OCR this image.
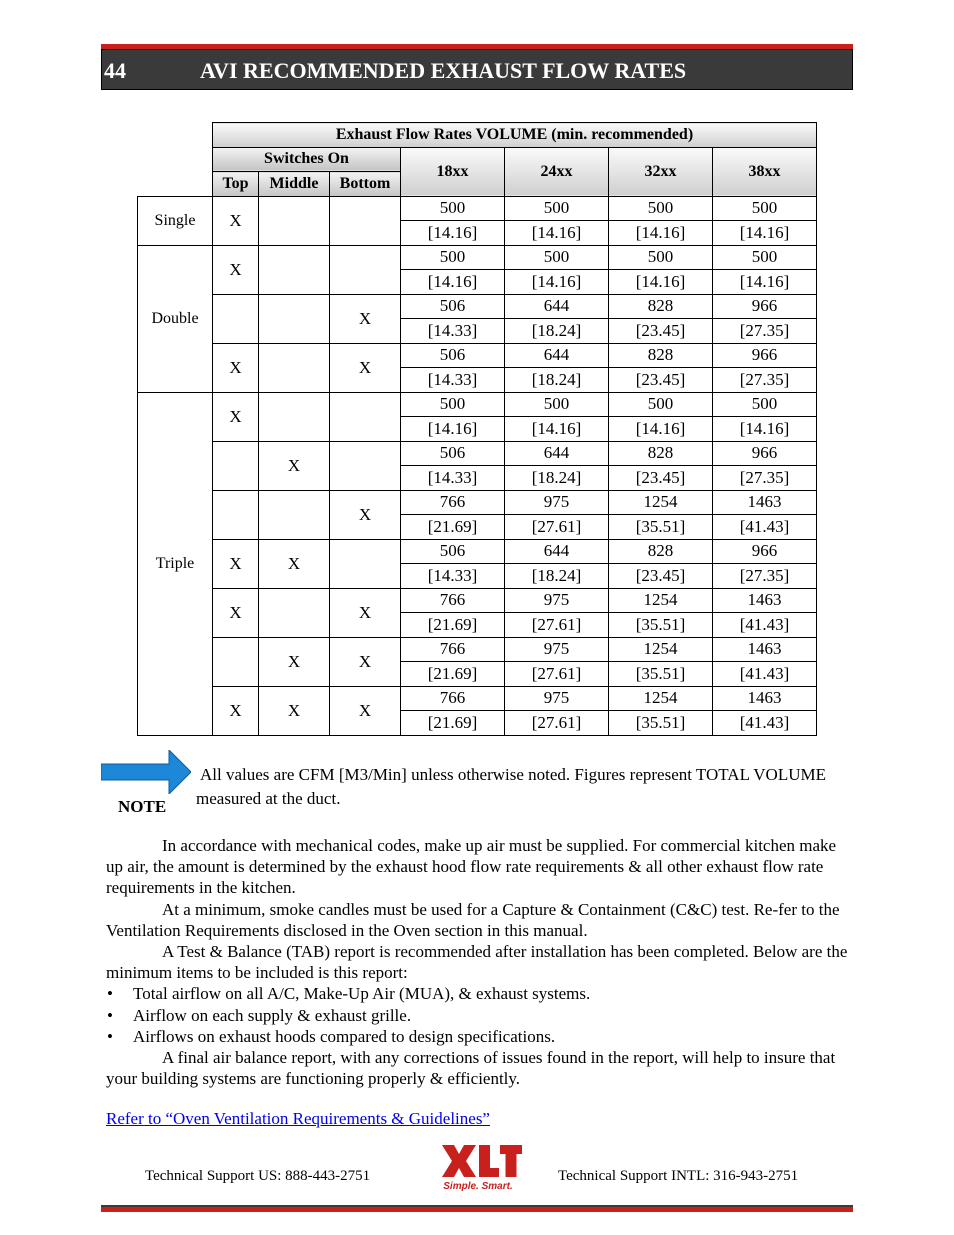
44	AVI RECOMMENDED EXHAUST FLOW RATES
	Exhaust Flow Rates VOLUME (min. recommended)						
	Switches On			18xx	24xx	32xx	38xx
	Top	Middle	Bottom				
Single	X			500	500	500	500
				[14.16]	[14.16]	[14.16]	[14.16]
Double	X			500	500	500	500
				[14.16]	[14.16]	[14.16]	[14.16]
			X	506	644	828	966
				[14.33]	[18.24]	[23.45]	[27.35]
	X		X	506	644	828	966
				[14.33]	[18.24]	[23.45]	[27.35]
Triple	X			500	500	500	500
				[14.16]	[14.16]	[14.16]	[14.16]
		X		506	644	828	966
				[14.33]	[18.24]	[23.45]	[27.35]
			X	766	975	1254	1463
				[21.69]	[27.61]	[35.51]	[41.43]
	X	X		506	644	828	966
				[14.33]	[18.24]	[23.45]	[27.35]
	X		X	766	975	1254	1463
				[21.69]	[27.61]	[35.51]	[41.43]
		X	X	766	975	1254	1463
				[21.69]	[27.61]	[35.51]	[41.43]
	X	X	X	766	975	1254	1463
				[21.69]	[27.61]	[35.51]	[41.43]
NOTE
All values are CFM [M3/Min] unless otherwise noted. Figures represent TOTAL VOLUME measured at the duct.

In accordance with mechanical codes, make up air must be supplied. For commercial kitchen make up air, the amount is determined by the exhaust hood flow rate requirements & all other exhaust flow rate requirements in the kitchen.

At a minimum, smoke candles must be used for a Capture & Containment (C&C) test. Re-fer to the Ventilation Requirements disclosed in the Oven section in this manual.

A Test & Balance (TAB) report is recommended after installation has been completed. Below are the minimum items to be included is this report:

• Total airflow on all A/C, Make-Up Air (MUA), & exhaust systems.
• Airflow on each supply & exhaust grille.
• Airflows on exhaust hoods compared to design specifications.

A final air balance report, with any corrections of issues found in the report, will help to insure that your building systems are functioning properly & efficiently.

Refer to “Oven Ventilation Requirements & Guidelines”
Technical Support US: 888-443-2751
Simple. Smart.
Technical Support INTL: 316-943-2751
